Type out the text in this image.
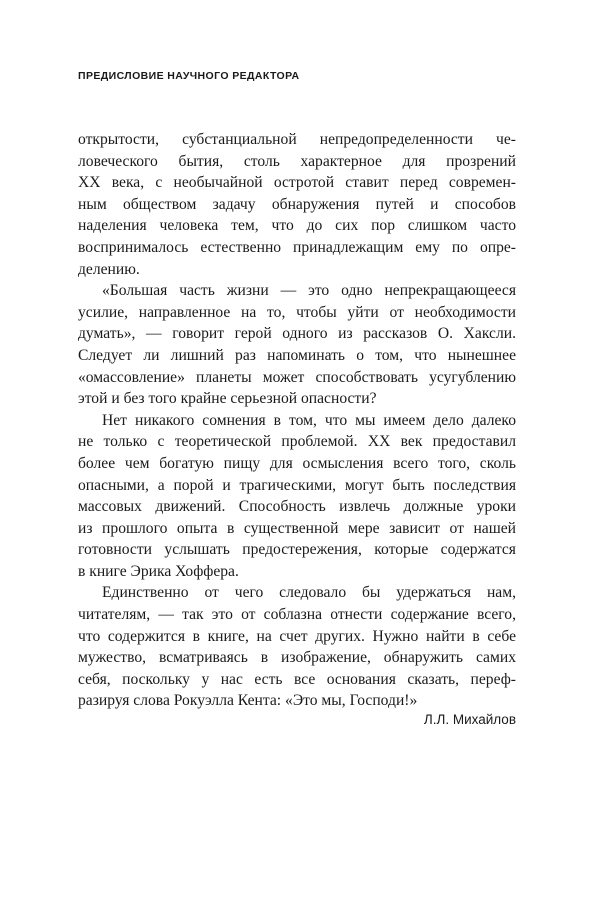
ПРЕДИСЛОВИЕ НАУЧНОГО РЕДАКТОРА
открытости, субстанциальной непредопределенности че-
ловеческого бытия, столь характерное для прозрений
XX века, с необычайной остротой ставит перед современ-
ным обществом задачу обнаружения путей и способов
наделения человека тем, что до сих пор слишком часто
воспринималось естественно принадлежащим ему по опре-
делению.
«Большая часть жизни — это одно непрекращающееся
усилие, направленное на то, чтобы уйти от необходимости
думать», — говорит герой одного из рассказов О. Хаксли.
Следует ли лишний раз напоминать о том, что нынешнее
«омассовление» планеты может способствовать усугублению
этой и без того крайне серьезной опасности?
Нет никакого сомнения в том, что мы имеем дело далеко
не только с теоретической проблемой. XX век предоставил
более чем богатую пищу для осмысления всего того, сколь
опасными, а порой и трагическими, могут быть последствия
массовых движений. Способность извлечь должные уроки
из прошлого опыта в существенной мере зависит от нашей
готовности услышать предостережения, которые содержатся
в книге Эрика Хоффера.
Единственно от чего следовало бы удержаться нам,
читателям, — так это от соблазна отнести содержание всего,
что содержится в книге, на счет других. Нужно найти в себе
мужество, всматриваясь в изображение, обнаружить самих
себя, поскольку у нас есть все основания сказать, переф-
разируя слова Рокуэлла Кента: «Это мы, Господи!»
Л.Л. Михайлов
